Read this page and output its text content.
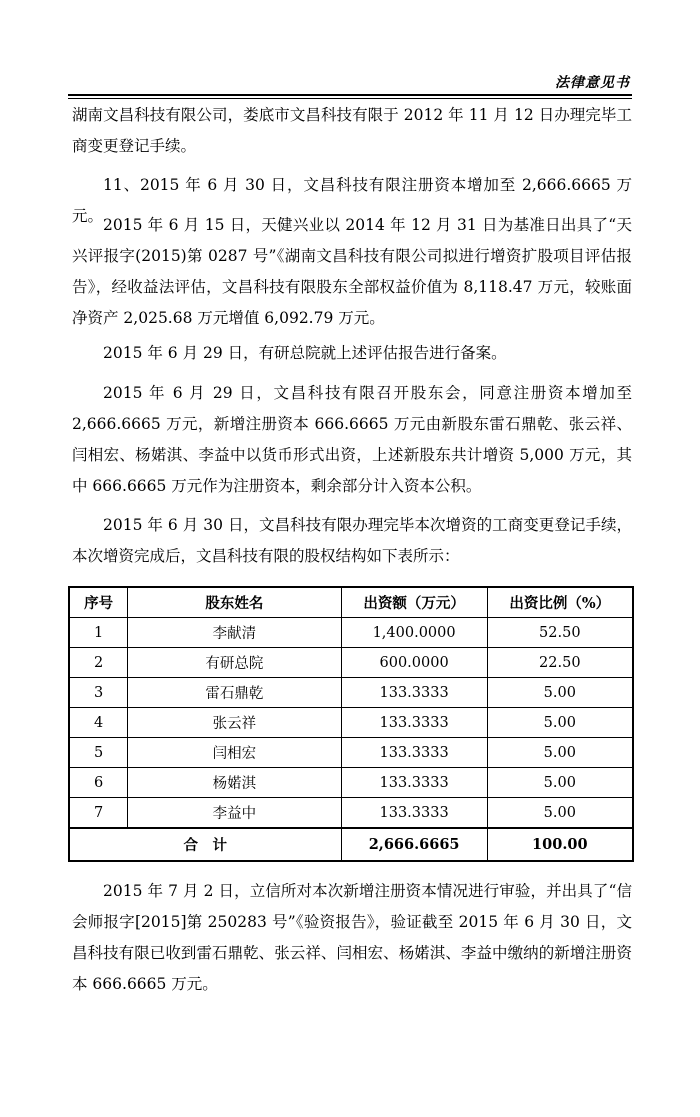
法律意见书

湖南文昌科技有限公司，娄底市文昌科技有限于 2012 年 11 月 12 日办理完毕工商变更登记手续。

11、2015 年 6 月 30 日，文昌科技有限注册资本增加至 2,666.6665 万元。 2015 年 6 月 15 日，天健兴业以 2014 年 12 月 31 日为基准日出具了“天兴评报字(2015)第 0287 号”《湖南文昌科技有限公司拟进行增资扩股项目评估报告》，经收益法评估，文昌科技有限股东全部权益价值为 8,118.47 万元，较账面净资产 2,025.68 万元增值 6,092.79 万元。

2015 年 6 月 29 日，有研总院就上述评估报告进行备案。

2015 年 6 月 29 日，文昌科技有限召开股东会，同意注册资本增加至 2,666.6665 万元，新增注册资本 666.6665 万元由新股东雷石鼎乾、张云祥、闫相宏、杨婼淇、李益中以货币形式出资，上述新股东共计增资 5,000 万元，其中 666.6665 万元作为注册资本，剩余部分计入资本公积。

2015 年 6 月 30 日，文昌科技有限办理完毕本次增资的工商变更登记手续，本次增资完成后，文昌科技有限的股权结构如下表所示：

序号	股东姓名	出资额（万元）	出资比例（%）
1	李献清	1,400.0000	52.50
2	有研总院	600.0000	22.50
3	雷石鼎乾	133.3333	5.00
4	张云祥	133.3333	5.00
5	闫相宏	133.3333	5.00
6	杨婼淇	133.3333	5.00
7	李益中	133.3333	5.00
合　计		2,666.6665	100.00

2015 年 7 月 2 日，立信所对本次新增注册资本情况进行审验，并出具了“信会师报字[2015]第 250283 号”《验资报告》，验证截至 2015 年 6 月 30 日，文昌科技有限已收到雷石鼎乾、张云祥、闫相宏、杨婼淇、李益中缴纳的新增注册资本 666.6665 万元。
